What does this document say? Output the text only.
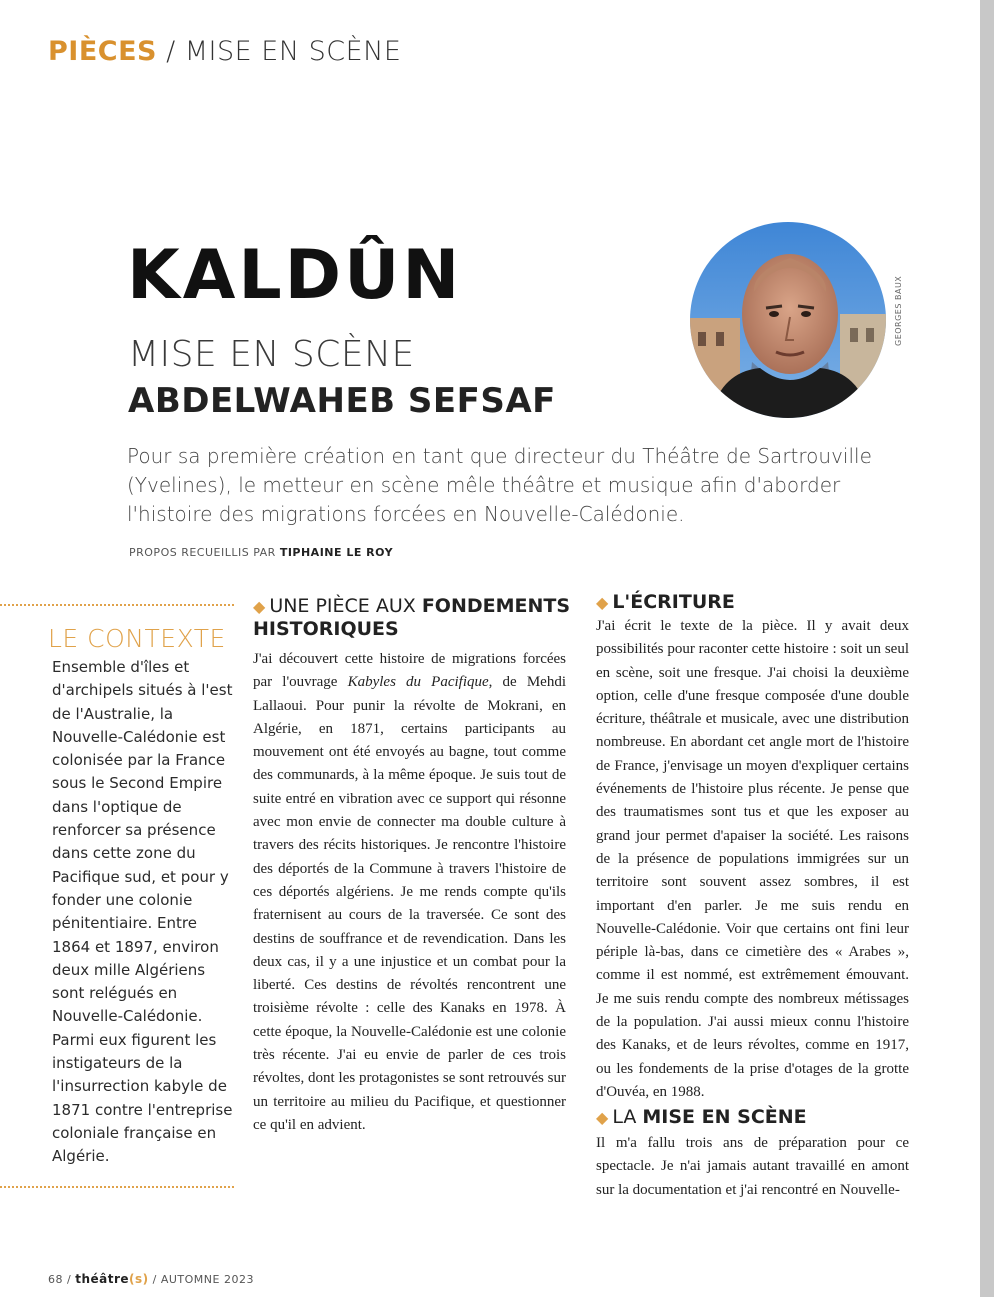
PIÈCES / MISE EN SCÈNE
KALDÛN
MISE EN SCÈNE
ABDELWAHEB SEFSAF
GEORGES BAUX

Pour sa première création en tant que directeur du Théâtre de Sartrouville (Yvelines), le metteur en scène mêle théâtre et musique afin d'aborder l'histoire des migrations forcées en Nouvelle-Calédonie.

PROPOS RECUEILLIS PAR TIPHAINE LE ROY
LE CONTEXTE

Ensemble d'îles et d'archipels situés à l'est de l'Australie, la Nouvelle-Calédonie est colonisée par la France sous le Second Empire dans l'optique de renforcer sa présence dans cette zone du Pacifique sud, et pour y fonder une colonie pénitentiaire. Entre 1864 et 1897, environ deux mille Algériens sont relégués en Nouvelle-Calédonie. Parmi eux figurent les instigateurs de la l'insurrection kabyle de 1871 contre l'entreprise coloniale française en Algérie.

◆ UNE PIÈCE AUX FONDEMENTS HISTORIQUES

J'ai découvert cette histoire de migrations forcées par l'ouvrage Kabyles du Pacifique, de Mehdi Lallaoui. Pour punir la révolte de Mokrani, en Algérie, en 1871, certains participants au mouvement ont été envoyés au bagne, tout comme des communards, à la même époque. Je suis tout de suite entré en vibration avec ce support qui résonne avec mon envie de connecter ma double culture à travers des récits historiques. Je rencontre l'histoire des déportés de la Commune à travers l'histoire de ces déportés algériens. Je me rends compte qu'ils fraternisent au cours de la traversée. Ce sont des destins de souffrance et de revendication. Dans les deux cas, il y a une injustice et un combat pour la liberté. Ces destins de révoltés rencontrent une troisième révolte : celle des Kanaks en 1978. À cette époque, la Nouvelle-Calédonie est une colonie très récente. J'ai eu envie de parler de ces trois révoltes, dont les protagonistes se sont retrouvés sur un territoire au milieu du Pacifique, et questionner ce qu'il en advient.

◆ L'ÉCRITURE

J'ai écrit le texte de la pièce. Il y avait deux possibilités pour raconter cette histoire : soit un seul en scène, soit une fresque. J'ai choisi la deuxième option, celle d'une fresque composée d'une double écriture, théâtrale et musicale, avec une distribution nombreuse. En abordant cet angle mort de l'histoire de France, j'envisage un moyen d'expliquer certains événements de l'histoire plus récente. Je pense que des traumatismes sont tus et que les exposer au grand jour permet d'apaiser la société. Les raisons de la présence de populations immigrées sur un territoire sont souvent assez sombres, il est important d'en parler. Je me suis rendu en Nouvelle-Calédonie. Voir que certains ont fini leur périple là-bas, dans ce cimetière des « Arabes », comme il est nommé, est extrêmement émouvant. Je me suis rendu compte des nombreux métissages de la population. J'ai aussi mieux connu l'histoire des Kanaks, et de leurs révoltes, comme en 1917, ou les fondements de la prise d'otages de la grotte d'Ouvéa, en 1988.

◆ LA MISE EN SCÈNE

Il m'a fallu trois ans de préparation pour ce spectacle. Je n'ai jamais autant travaillé en amont sur la documentation et j'ai rencontré en Nouvelle-

68 / théâtre(s) / AUTOMNE 2023
